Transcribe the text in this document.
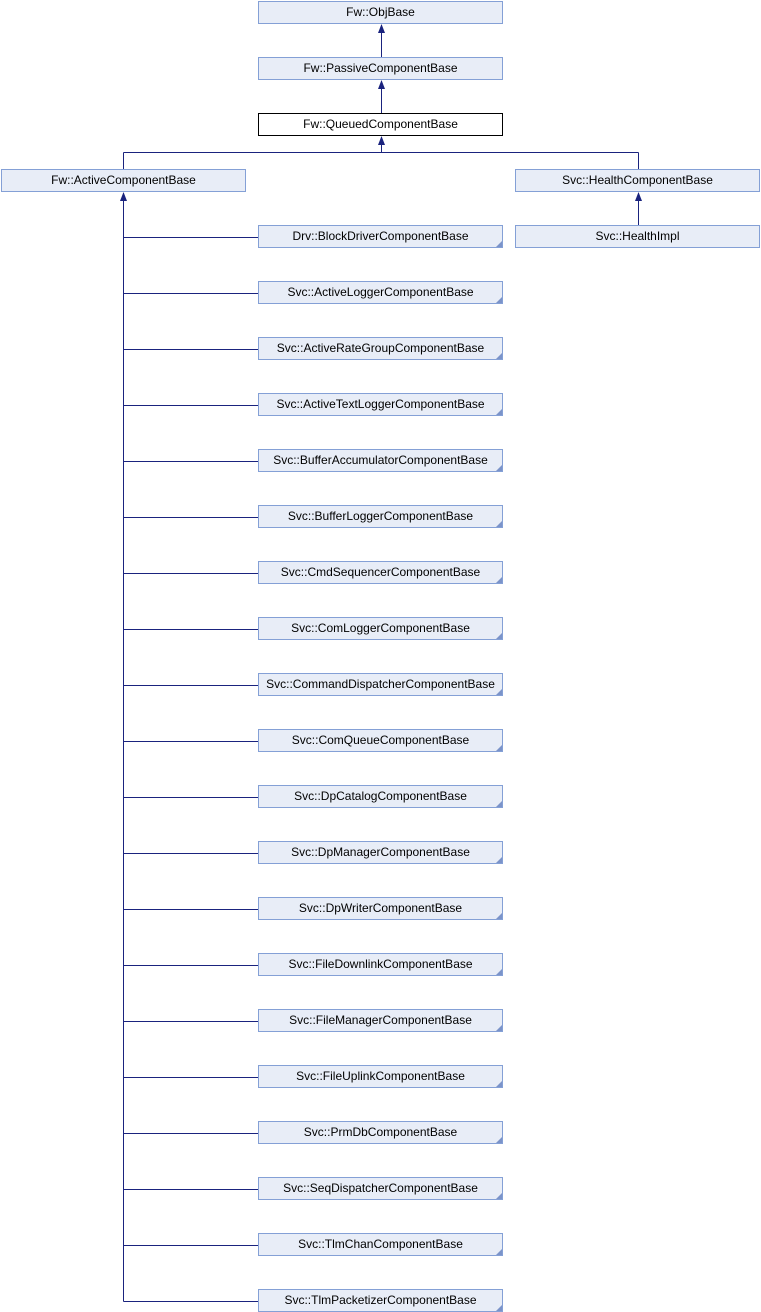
Fw::ObjBase
Fw::PassiveComponentBase
Fw::QueuedComponentBase
Fw::ActiveComponentBase	Svc::HealthComponentBase
Svc::HealthImpl
Drv::BlockDriverComponentBase
Svc::ActiveLoggerComponentBase
Svc::ActiveRateGroupComponentBase
Svc::ActiveTextLoggerComponentBase
Svc::BufferAccumulatorComponentBase
Svc::BufferLoggerComponentBase
Svc::CmdSequencerComponentBase
Svc::ComLoggerComponentBase
Svc::CommandDispatcherComponentBase
Svc::ComQueueComponentBase
Svc::DpCatalogComponentBase
Svc::DpManagerComponentBase
Svc::DpWriterComponentBase
Svc::FileDownlinkComponentBase
Svc::FileManagerComponentBase
Svc::FileUplinkComponentBase
Svc::PrmDbComponentBase
Svc::SeqDispatcherComponentBase
Svc::TlmChanComponentBase
Svc::TlmPacketizerComponentBase
